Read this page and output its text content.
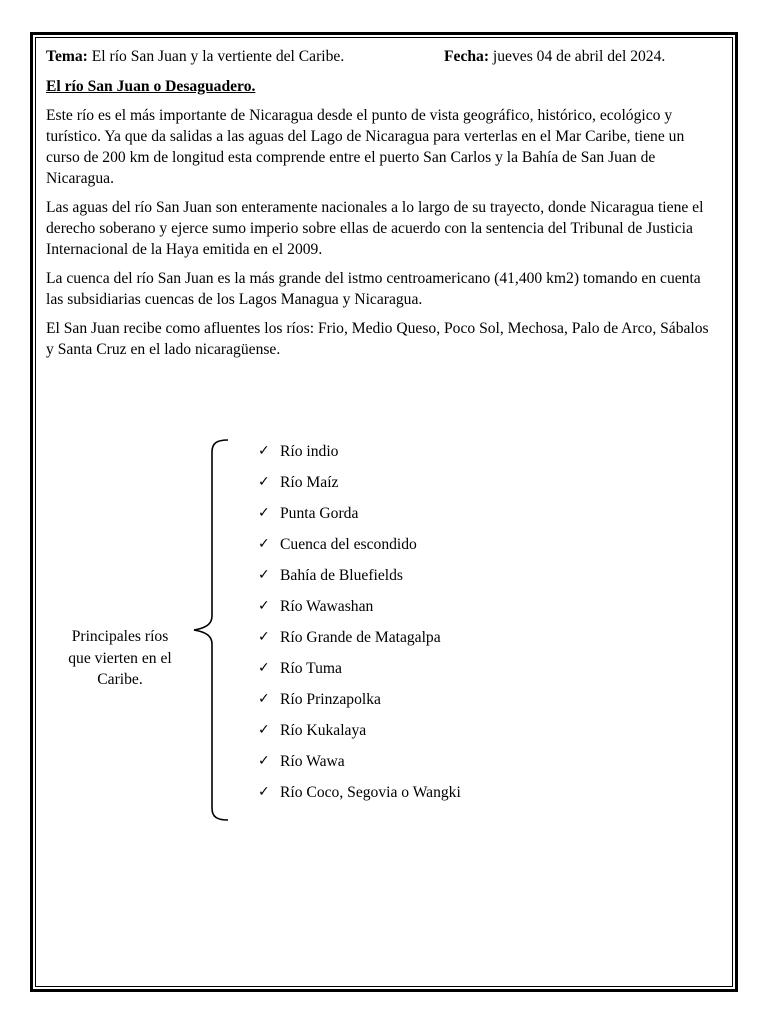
Tema: El río San Juan y la vertiente del Caribe.	Fecha: jueves 04 de abril del 2024.
El río San Juan o Desaguadero.

Este río es el más importante de Nicaragua desde el punto de vista geográfico, histórico, ecológico y turístico. Ya que da salidas a las aguas del Lago de Nicaragua para verterlas en el Mar Caribe, tiene un curso de 200 km de longitud esta comprende entre el puerto San Carlos y la Bahía de San Juan de Nicaragua.

Las aguas del río San Juan son enteramente nacionales a lo largo de su trayecto, donde Nicaragua tiene el derecho soberano y ejerce sumo imperio sobre ellas de acuerdo con la sentencia del Tribunal de Justicia Internacional de la Haya emitida en el 2009.

La cuenca del río San Juan es la más grande del istmo centroamericano (41,400 km2) tomando en cuenta las subsidiarias cuencas de los Lagos Managua y Nicaragua.

El San Juan recibe como afluentes los ríos: Frio, Medio Queso, Poco Sol, Mechosa, Palo de Arco, Sábalos y Santa Cruz en el lado nicaragüense.

Principales ríos
que vierten en el
Caribe.
✓ Río indio
✓ Río Maíz
✓ Punta Gorda
✓ Cuenca del escondido
✓ Bahía de Bluefields
✓ Río Wawashan
✓ Río Grande de Matagalpa
✓ Río Tuma
✓ Río Prinzapolka
✓ Río Kukalaya
✓ Río Wawa
✓ Río Coco, Segovia o Wangki
